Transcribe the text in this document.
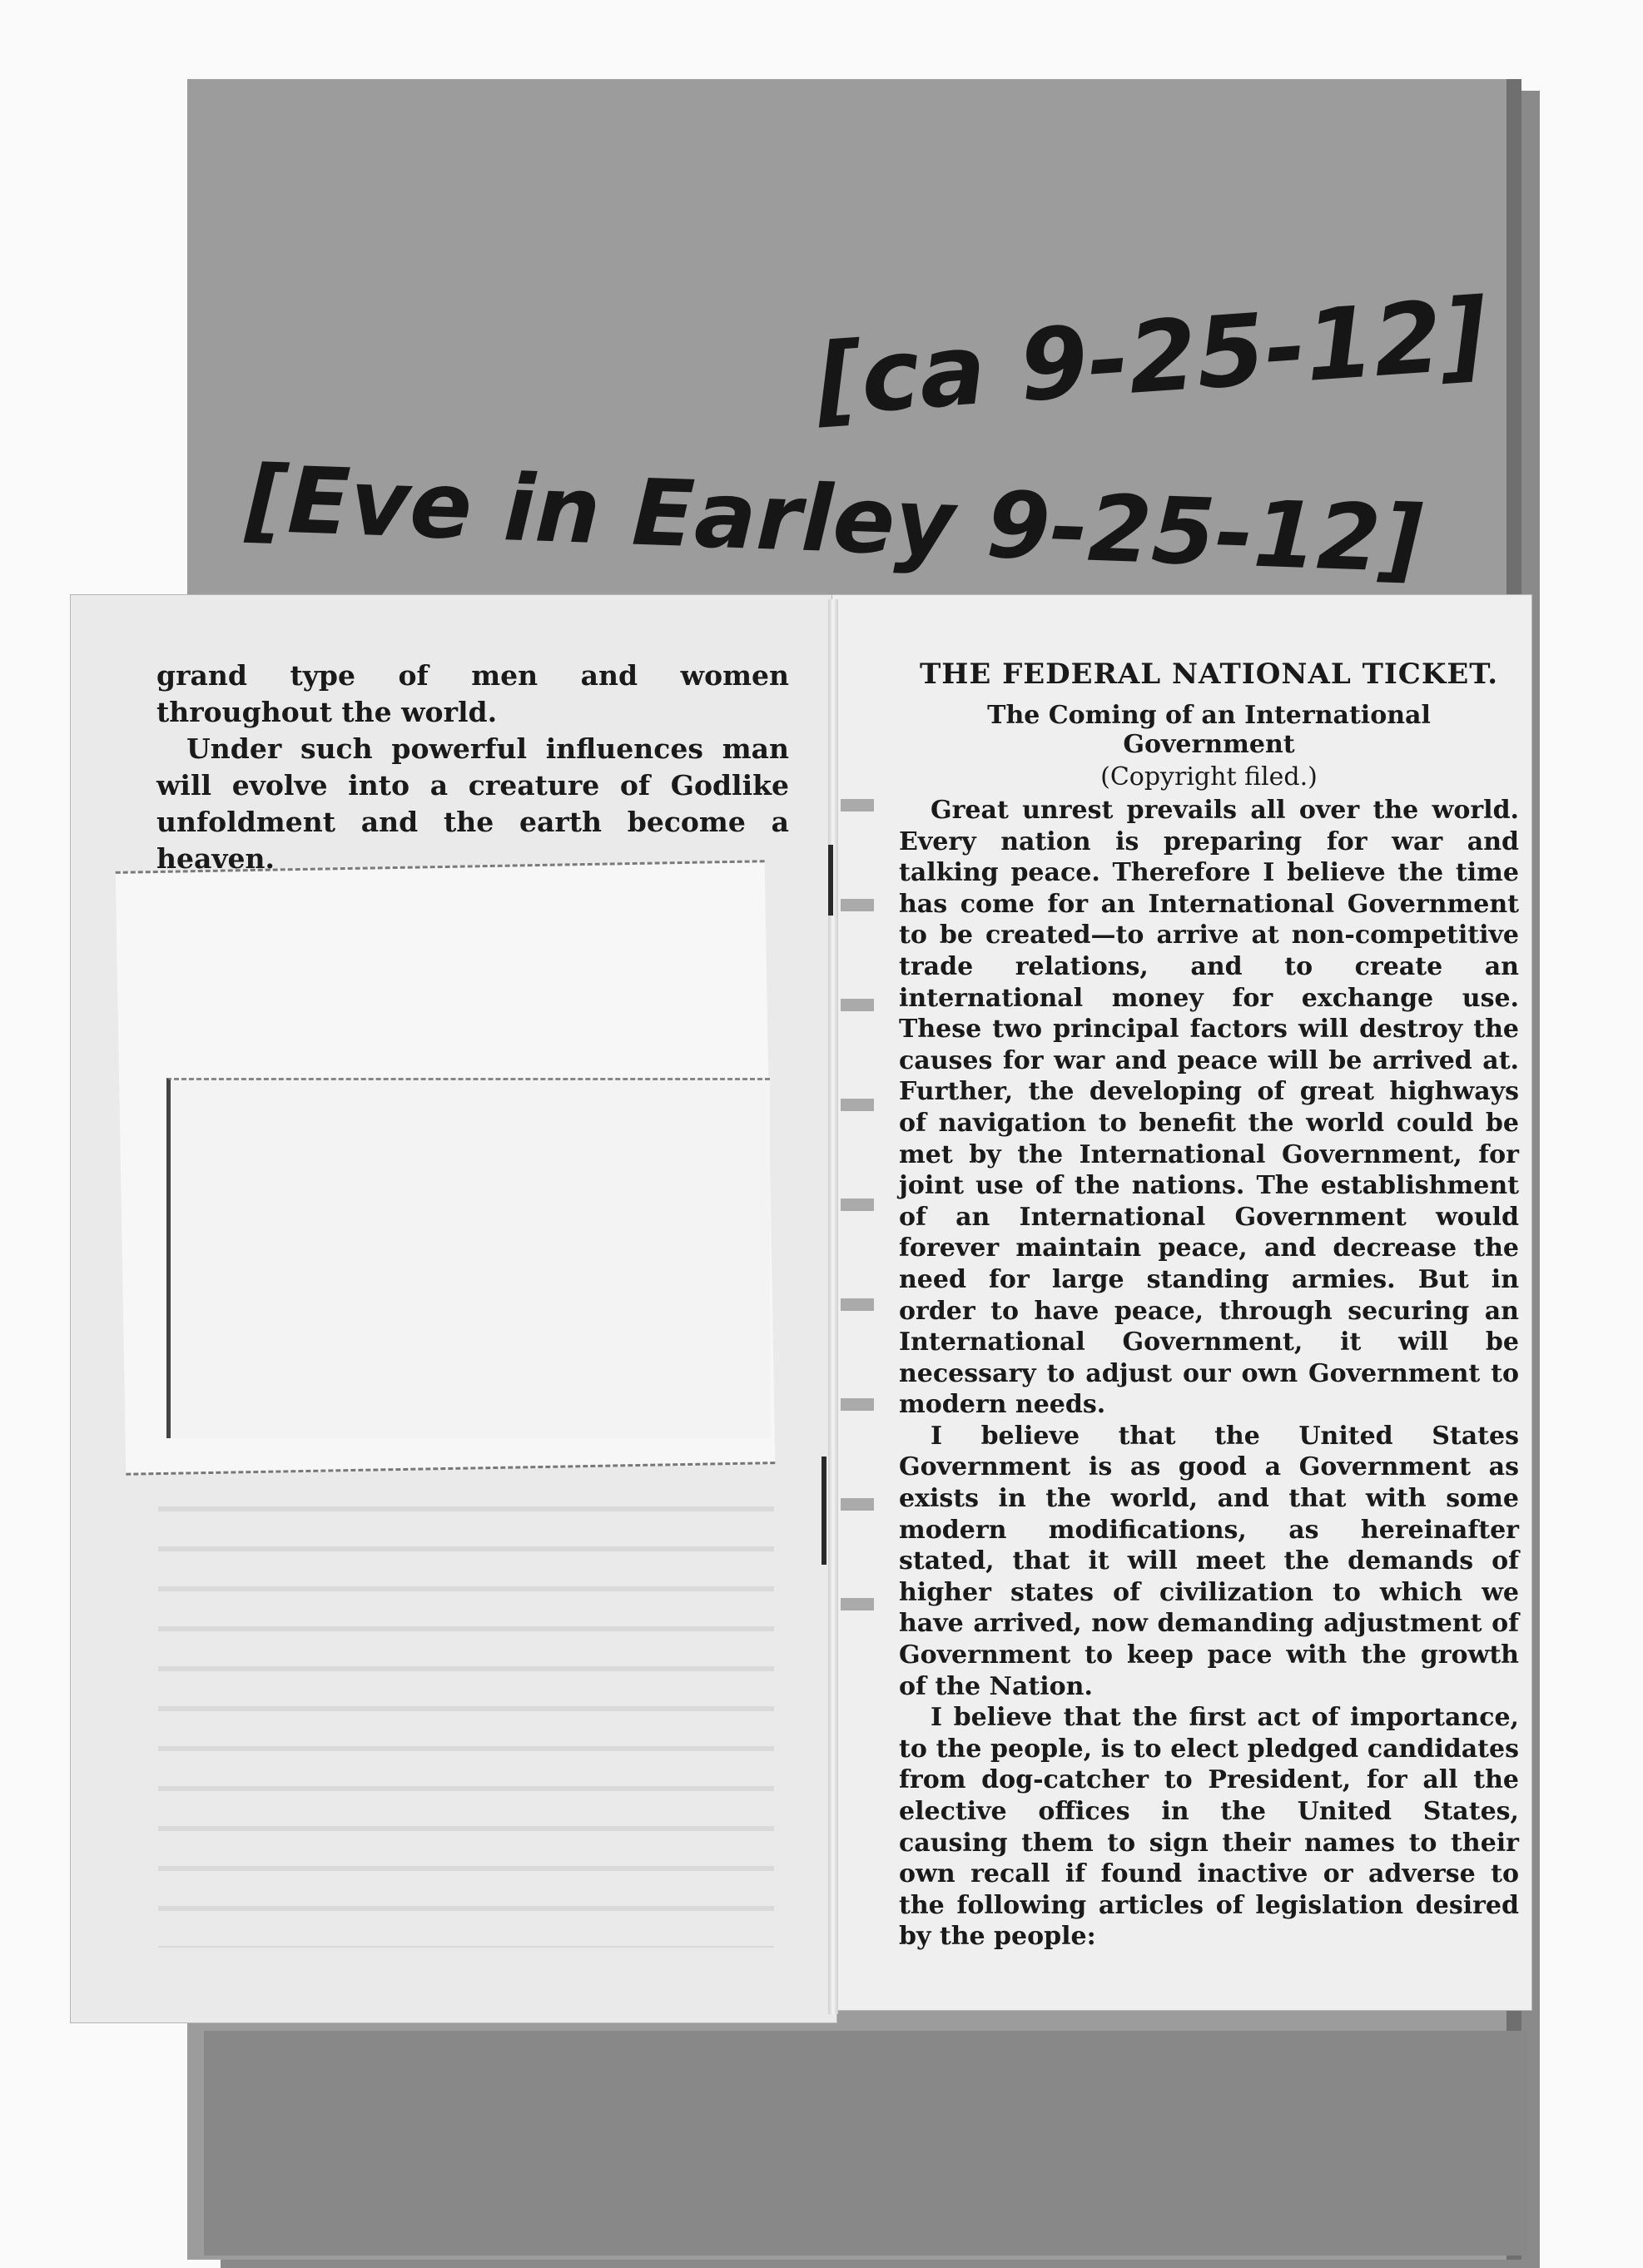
[ca 9-25-12]
[Eve in Earley 9-25-12]

grand type of men and women throughout the world.

Under such powerful influences man will evolve into a creature of Godlike unfoldment and the earth become a heaven.

THE FEDERAL NATIONAL TICKET.
The Coming of an International Government
(Copyright filed.)

Great unrest prevails all over the world. Every nation is preparing for war and talking peace. Therefore I believe the time has come for an International Government to be created—to arrive at non-competitive trade relations, and to create an international money for exchange use. These two principal factors will destroy the causes for war and peace will be arrived at. Further, the developing of great highways of navigation to benefit the world could be met by the International Government, for joint use of the nations. The establishment of an International Government would forever maintain peace, and decrease the need for large standing armies. But in order to have peace, through securing an International Government, it will be necessary to adjust our own Government to modern needs.

I believe that the United States Government is as good a Government as exists in the world, and that with some modern modifications, as hereinafter stated, that it will meet the demands of higher states of civilization to which we have arrived, now demanding adjustment of Government to keep pace with the growth of the Nation.

I believe that the first act of importance, to the people, is to elect pledged candidates from dog-catcher to President, for all the elective offices in the United States, causing them to sign their names to their own recall if found inactive or adverse to the following articles of legislation desired by the people:
